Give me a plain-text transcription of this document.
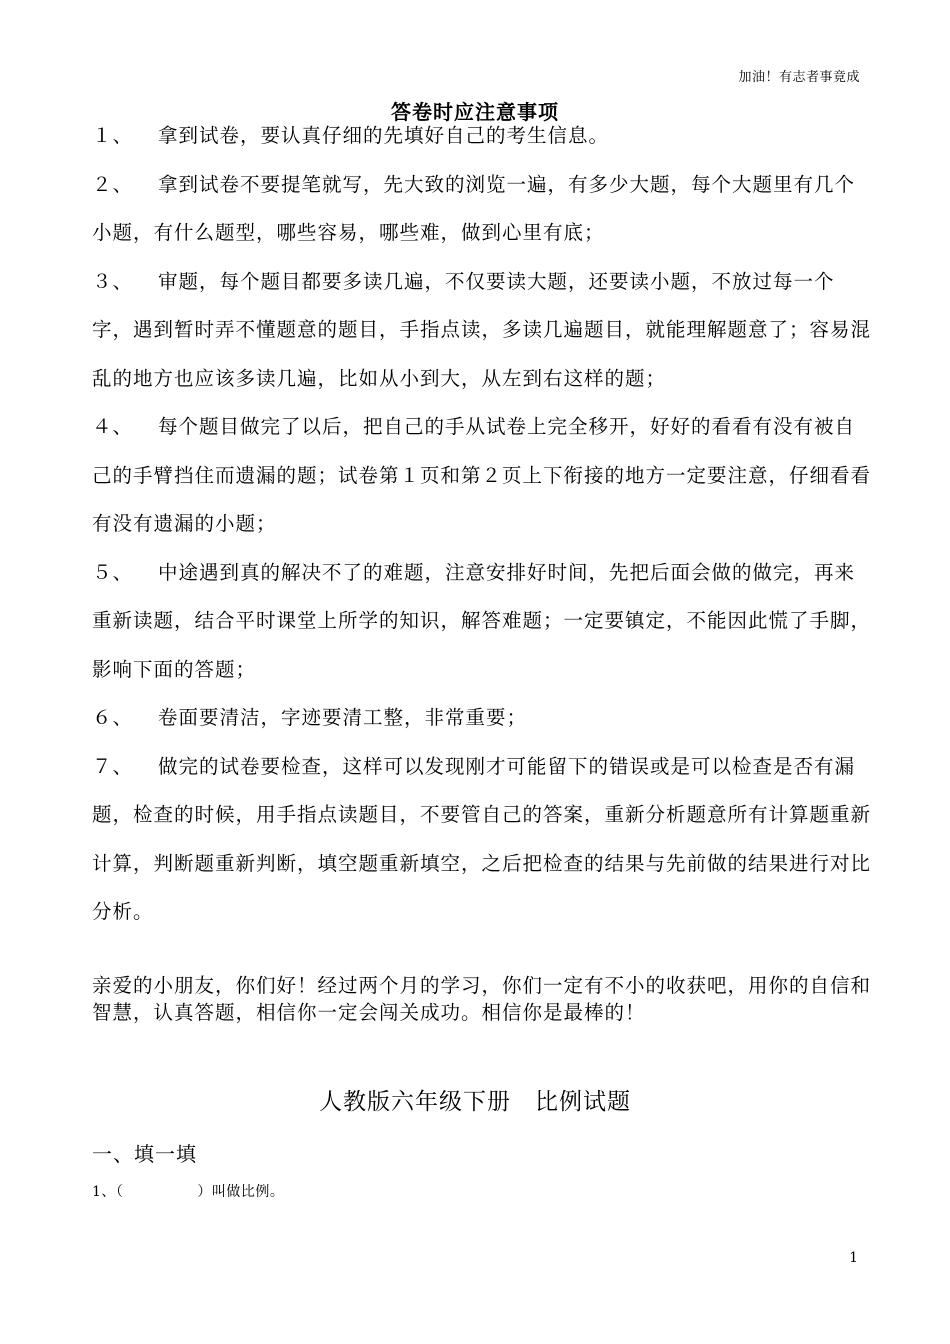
加油！有志者事竟成
答卷时应注意事项

１、 拿到试卷，要认真仔细的先填好自己的考生信息。

２、 拿到试卷不要提笔就写，先大致的浏览一遍，有多少大题，每个大题里有几个小题，有什么题型，哪些容易，哪些难，做到心里有底；

３、 审题，每个题目都要多读几遍，不仅要读大题，还要读小题，不放过每一个字，遇到暂时弄不懂题意的题目，手指点读，多读几遍题目，就能理解题意了；容易混乱的地方也应该多读几遍，比如从小到大，从左到右这样的题；

４、 每个题目做完了以后，把自己的手从试卷上完全移开，好好的看看有没有被自己的手臂挡住而遗漏的题；试卷第１页和第２页上下衔接的地方一定要注意，仔细看看有没有遗漏的小题；

５、 中途遇到真的解决不了的难题，注意安排好时间，先把后面会做的做完，再来重新读题，结合平时课堂上所学的知识，解答难题；一定要镇定，不能因此慌了手脚，影响下面的答题；

６、 卷面要清洁，字迹要清工整，非常重要；

７、 做完的试卷要检查，这样可以发现刚才可能留下的错误或是可以检查是否有漏题，检查的时候，用手指点读题目，不要管自己的答案，重新分析题意所有计算题重新计算，判断题重新判断，填空题重新填空，之后把检查的结果与先前做的结果进行对比分析。

亲爱的小朋友，你们好！经过两个月的学习，你们一定有不小的收获吧，用你的自信和智慧，认真答题，相信你一定会闯关成功。相信你是最棒的！
人教版六年级下册　比例试题
一、填一填
1、（	）叫做比例。
1
